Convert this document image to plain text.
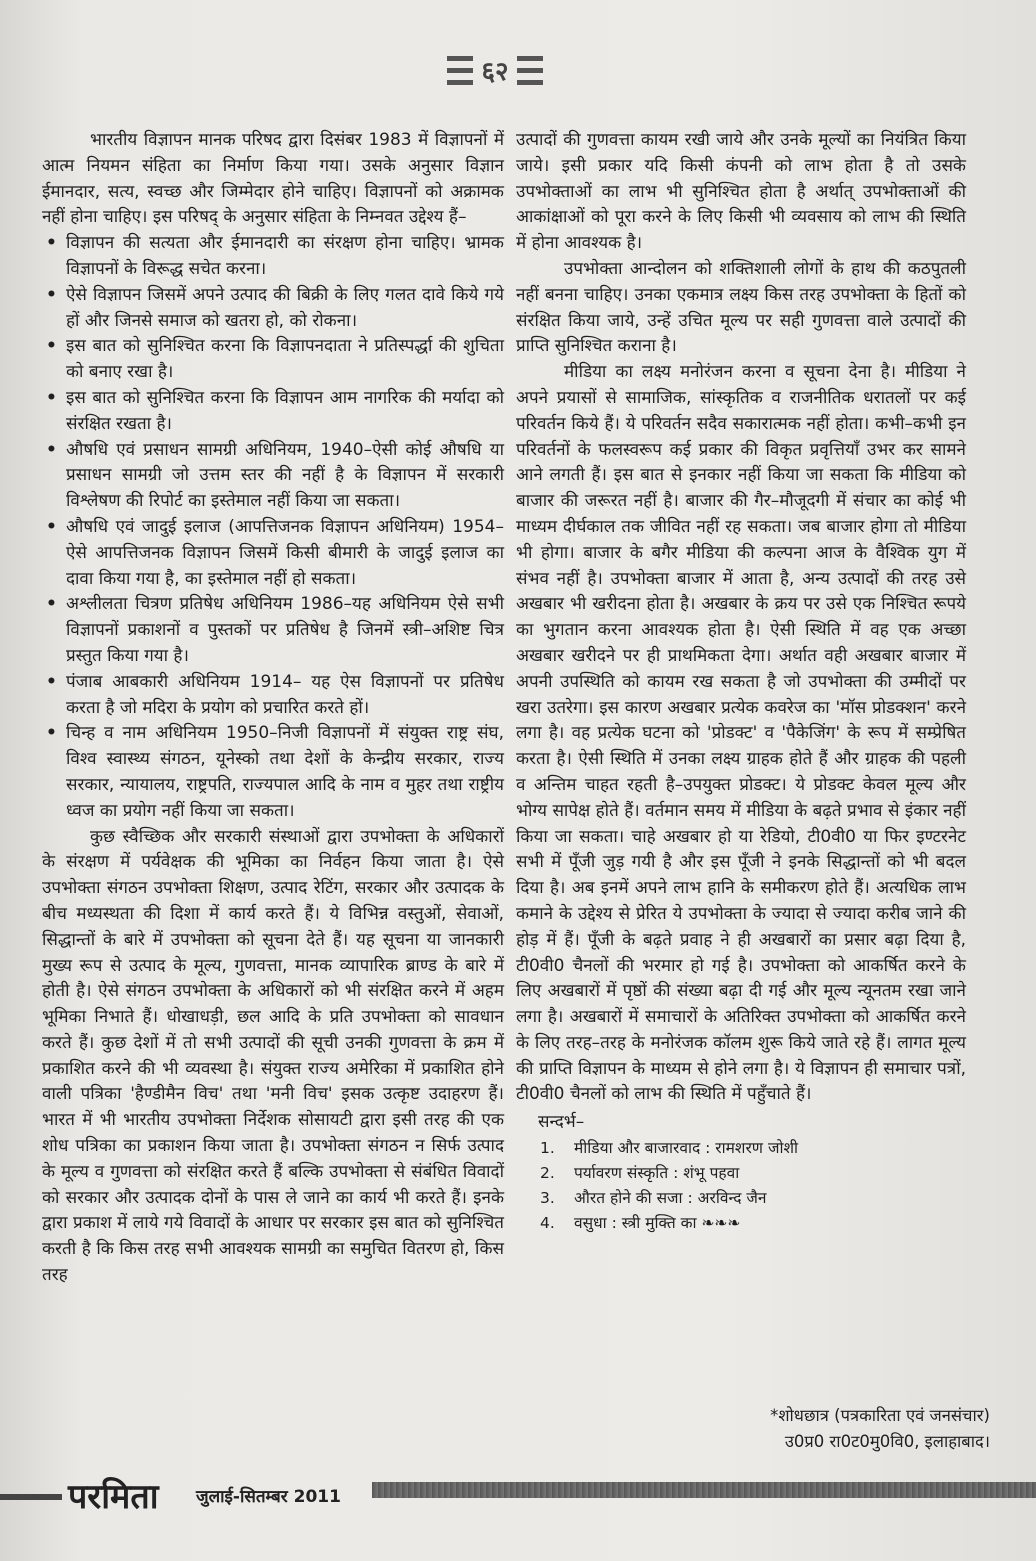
६२

भारतीय विज्ञापन मानक परिषद द्वारा दिसंबर 1983 में विज्ञापनों में आत्म नियमन संहिता का निर्माण किया गया। उसके अनुसार विज्ञान ईमानदार, सत्य, स्वच्छ और जिम्मेदार होने चाहिए। विज्ञापनों को अक्रामक नहीं होना चाहिए। इस परिषद् के अनुसार संहिता के निम्नवत उद्देश्य हैं–

• विज्ञापन की सत्यता और ईमानदारी का संरक्षण होना चाहिए। भ्रामक विज्ञापनों के विरूद्ध सचेत करना।
• ऐसे विज्ञापन जिसमें अपने उत्पाद की बिक्री के लिए गलत दावे किये गये हों और जिनसे समाज को खतरा हो, को रोकना।
• इस बात को सुनिश्चित करना कि विज्ञापनदाता ने प्रतिस्पर्द्धा की शुचिता को बनाए रखा है।
• इस बात को सुनिश्चित करना कि विज्ञापन आम नागरिक की मर्यादा को संरक्षित रखता है।
• औषधि एवं प्रसाधन सामग्री अधिनियम, 1940–ऐसी कोई औषधि या प्रसाधन सामग्री जो उत्तम स्तर की नहीं है के विज्ञापन में सरकारी विश्लेषण की रिपोर्ट का इस्तेमाल नहीं किया जा सकता।
• औषधि एवं जादुई इलाज (आपत्तिजनक विज्ञापन अधिनियम) 1954–ऐसे आपत्तिजनक विज्ञापन जिसमें किसी बीमारी के जादुई इलाज का दावा किया गया है, का इस्तेमाल नहीं हो सकता।
• अश्लीलता चित्रण प्रतिषेध अधिनियम 1986–यह अधिनियम ऐसे सभी विज्ञापनों प्रकाशनों व पुस्तकों पर प्रतिषेध है जिनमें स्त्री–अशिष्ट चित्र प्रस्तुत किया गया है।
• पंजाब आबकारी अधिनियम 1914– यह ऐस विज्ञापनों पर प्रतिषेध करता है जो मदिरा के प्रयोग को प्रचारित करते हों।
• चिन्ह व नाम अधिनियम 1950–निजी विज्ञापनों में संयुक्त राष्ट्र संघ, विश्व स्वास्थ्य संगठन, यूनेस्को तथा देशों के केन्द्रीय सरकार, राज्य सरकार, न्यायालय, राष्ट्रपति, राज्यपाल आदि के नाम व मुहर तथा राष्ट्रीय ध्वज का प्रयोग नहीं किया जा सकता।

कुछ स्वैच्छिक और सरकारी संस्थाओं द्वारा उपभोक्ता के अधिकारों के संरक्षण में पर्यवेक्षक की भूमिका का निर्वहन किया जाता है। ऐसे उपभोक्ता संगठन उपभोक्ता शिक्षण, उत्पाद रेटिंग, सरकार और उत्पादक के बीच मध्यस्थता की दिशा में कार्य करते हैं। ये विभिन्न वस्तुओं, सेवाओं, सिद्धान्तों के बारे में उपभोक्ता को सूचना देते हैं। यह सूचना या जानकारी मुख्य रूप से उत्पाद के मूल्य, गुणवत्ता, मानक व्यापारिक ब्राण्ड के बारे में होती है। ऐसे संगठन उपभोक्ता के अधिकारों को भी संरक्षित करने में अहम भूमिका निभाते हैं। धोखाधड़ी, छल आदि के प्रति उपभोक्ता को सावधान करते हैं। कुछ देशों में तो सभी उत्पादों की सूची उनकी गुणवत्ता के क्रम में प्रकाशित करने की भी व्यवस्था है। संयुक्त राज्य अमेरिका में प्रकाशित होने वाली पत्रिका 'हैण्डीमैन विच' तथा 'मनी विच' इसक उत्कृष्ट उदाहरण हैं। भारत में भी भारतीय उपभोक्ता निर्देशक सोसायटी द्वारा इसी तरह की एक शोध पत्रिका का प्रकाशन किया जाता है। उपभोक्ता संगठन न सिर्फ उत्पाद के मूल्य व गुणवत्ता को संरक्षित करते हैं बल्कि उपभोक्ता से संबंधित विवादों को सरकार और उत्पादक दोनों के पास ले जाने का कार्य भी करते हैं। इनके द्वारा प्रकाश में लाये गये विवादों के आधार पर सरकार इस बात को सुनिश्चित करती है कि किस तरह सभी आवश्यक सामग्री का समुचित वितरण हो, किस तरह

उत्पादों की गुणवत्ता कायम रखी जाये और उनके मूल्यों का नियंत्रित किया जाये। इसी प्रकार यदि किसी कंपनी को लाभ होता है तो उसके उपभोक्ताओं का लाभ भी सुनिश्चित होता है अर्थात् उपभोक्ताओं की आकांक्षाओं को पूरा करने के लिए किसी भी व्यवसाय को लाभ की स्थिति में होना आवश्यक है।

उपभोक्ता आन्दोलन को शक्तिशाली लोगों के हाथ की कठपुतली नहीं बनना चाहिए। उनका एकमात्र लक्ष्य किस तरह उपभोक्ता के हितों को संरक्षित किया जाये, उन्हें उचित मूल्य पर सही गुणवत्ता वाले उत्पादों की प्राप्ति सुनिश्चित कराना है।

मीडिया का लक्ष्य मनोरंजन करना व सूचना देना है। मीडिया ने अपने प्रयासों से सामाजिक, सांस्कृतिक व राजनीतिक धरातलों पर कई परिवर्तन किये हैं। ये परिवर्तन सदैव सकारात्मक नहीं होता। कभी–कभी इन परिवर्तनों के फलस्वरूप कई प्रकार की विकृत प्रवृत्तियाँ उभर कर सामने आने लगती हैं। इस बात से इनकार नहीं किया जा सकता कि मीडिया को बाजार की जरूरत नहीं है। बाजार की गैर–मौजूदगी में संचार का कोई भी माध्यम दीर्घकाल तक जीवित नहीं रह सकता। जब बाजार होगा तो मीडिया भी होगा। बाजार के बगैर मीडिया की कल्पना आज के वैश्विक युग में संभव नहीं है। उपभोक्ता बाजार में आता है, अन्य उत्पादों की तरह उसे अखबार भी खरीदना होता है। अखबार के क्रय पर उसे एक निश्चित रूपये का भुगतान करना आवश्यक होता है। ऐसी स्थिति में वह एक अच्छा अखबार खरीदने पर ही प्राथमिकता देगा। अर्थात वही अखबार बाजार में अपनी उपस्थिति को कायम रख सकता है जो उपभोक्ता की उम्मीदों पर खरा उतरेगा। इस कारण अखबार प्रत्येक कवरेज का 'मॉस प्रोडक्शन' करने लगा है। वह प्रत्येक घटना को 'प्रोडक्ट' व 'पैकेजिंग' के रूप में सम्प्रेषित करता है। ऐसी स्थिति में उनका लक्ष्य ग्राहक होते हैं और ग्राहक की पहली व अन्तिम चाहत रहती है–उपयुक्त प्रोडक्ट। ये प्रोडक्ट केवल मूल्य और भोग्य सापेक्ष होते हैं। वर्तमान समय में मीडिया के बढ़ते प्रभाव से इंकार नहीं किया जा सकता। चाहे अखबार हो या रेडियो, टी0वी0 या फिर इण्टरनेट सभी में पूँजी जुड़ गयी है और इस पूँजी ने इनके सिद्धान्तों को भी बदल दिया है। अब इनमें अपने लाभ हानि के समीकरण होते हैं। अत्यधिक लाभ कमाने के उद्देश्य से प्रेरित ये उपभोक्ता के ज्यादा से ज्यादा करीब जाने की होड़ में हैं। पूँजी के बढ़ते प्रवाह ने ही अखबारों का प्रसार बढ़ा दिया है, टी0वी0 चैनलों की भरमार हो गई है। उपभोक्ता को आकर्षित करने के लिए अखबारों में पृष्ठों की संख्या बढ़ा दी गई और मूल्य न्यूनतम रखा जाने लगा है। अखबारों में समाचारों के अतिरिक्त उपभोक्ता को आकर्षित करने के लिए तरह–तरह के मनोरंजक कॉलम शुरू किये जाते रहे हैं। लागत मूल्य की प्राप्ति विज्ञापन के माध्यम से होने लगा है। ये विज्ञापन ही समाचार पत्रों, टी0वी0 चैनलों को लाभ की स्थिति में पहुँचाते हैं।

सन्दर्भ–

1.	मीडिया और बाजारवाद : रामशरण जोशी
2.	पर्यावरण संस्कृति : शंभू पहवा
3.	औरत होने की सजा : अरविन्द जैन
4.	वसुधा : स्त्री मुक्ति का ❧❧❧
*शोधछात्र (पत्रकारिता एवं जनसंचार)
उ0प्र0 रा0ट0मु0वि0, इलाहाबाद।
परमिता जुलाई-सितम्बर 2011
